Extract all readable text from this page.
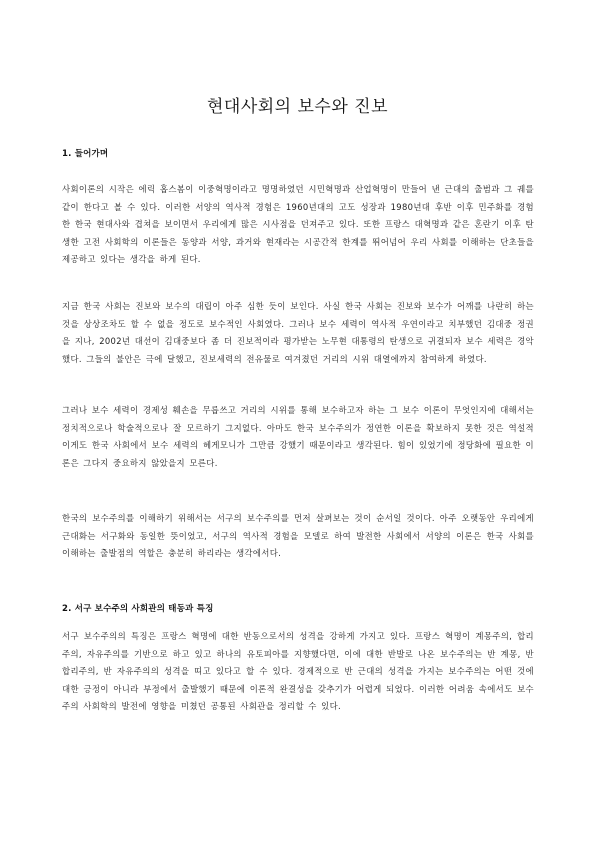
현대사회의 보수와 진보
1. 들어가며

사회이론의 시작은 에릭 홉스봄이 이중혁명이라고 명명하였던 시민혁명과 산업혁명이 만들어 낸 근대의 출범과 그 궤를 같이 한다고 볼 수 있다. 이러한 서양의 역사적 경험은 1960년대의 고도 성장과 1980년대 후반 이후 민주화를 경험한 한국 현대사와 겹쳐을 보이면서 우리에게 많은 시사점을 던져주고 있다. 또한 프랑스 대혁명과 같은 혼란기 이후 탄생한 고전 사회학의 이론들은 동양과 서양, 과거와 현재라는 시공간적 한계를 뛰어넘어 우리 사회를 이해하는 단초들을 제공하고 있다는 생각을 하게 된다.

지금 한국 사회는 진보와 보수의 대립이 아주 심한 듯이 보인다. 사실 한국 사회는 진보와 보수가 어깨를 나란히 하는 것을 상상조차도 할 수 없을 정도로 보수적인 사회였다. 그러나 보수 세력이 역사적 우연이라고 치부했던 김대중 정권을 지나, 2002년 대선이 김대중보다 좀 더 진보적이라 평가받는 노무현 대통령의 탄생으로 귀결되자 보수 세력은 경악했다. 그들의 불안은 극에 달했고, 진보세력의 전유물로 여겨졌던 거리의 시위 대열에까지 참여하게 하였다.

그러나 보수 세력이 경제성 훼손을 무릅쓰고 거리의 시위를 통해 보수하고자 하는 그 보수 이론이 무엇인지에 대해서는 정치적으로나 학술적으로나 잘 모르하기 그지없다. 아마도 한국 보수주의가 정연한 이론을 확보하지 못한 것은 역설적이게도 한국 사회에서 보수 세력의 헤게모니가 그만큼 강했기 때문이라고 생각된다. 힘이 있었기에 정당화에 필요한 이론은 그다지 중요하지 않았을지 모른다.

한국의 보수주의를 이해하기 위해서는 서구의 보수주의를 먼저 살펴보는 것이 순서일 것이다. 아주 오랫동안 우리에게 근대화는 서구화와 동일한 뜻이었고, 서구의 역사적 경험을 모델로 하여 발전한 사회에서 서양의 이론은 한국 사회를 이해하는 출발점의 역할은 충분히 하리라는 생각에서다.

2. 서구 보수주의 사회관의 태동과 특징

서구 보수주의의 특징은 프랑스 혁명에 대한 반동으로서의 성격을 강하게 가지고 있다. 프랑스 혁명이 계몽주의, 합리주의, 자유주의를 기반으로 하고 있고 하나의 유토피아를 지향했다면, 이에 대한 반발로 나온 보수주의는 반 계몽, 반 합리주의, 반 자유주의의 성격을 띠고 있다고 할 수 있다. 경제적으로 반 근대의 성격을 가지는 보수주의는 어떤 것에 대한 긍정이 아니라 부정에서 출발했기 때문에 이론적 완결성을 갖추기가 어렵게 되었다. 이러한 어려움 속에서도 보수주의 사회학의 발전에 영향을 미쳤던 공통된 사회관을 정리할 수 있다.
